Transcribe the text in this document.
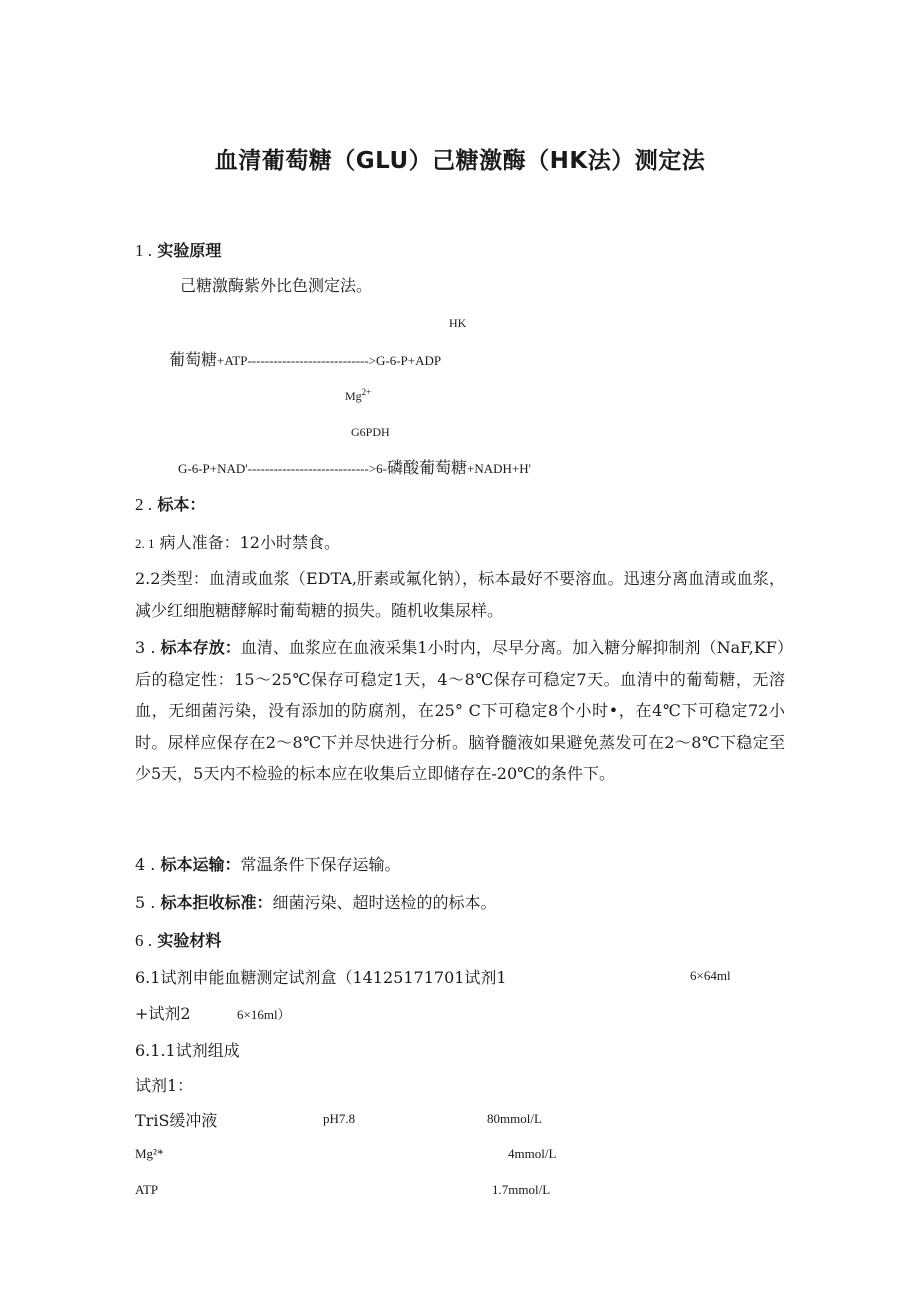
血清葡萄糖（GLU）己糖激酶（HK法）测定法
1 . 实验原理
己糖激酶紫外比色测定法。
HK
葡萄糖+ATP---------------------------->G-6-P+ADP
$Mg^{2+}$
G6PDH
G-6-P+NAD'---------------------------->6-磷酸葡萄糖+NADH+H'
2 . 标本：
2. 1 病人准备：12小时禁食。
2.2类型：血清或血浆（EDTA,肝素或氟化钠），标本最好不要溶血。迅速分离血清或血浆，减少红细胞糖酵解时葡萄糖的损失。随机收集尿样。
3 . 标本存放：血清、血浆应在血液采集1小时内，尽早分离。加入糖分解抑制剂（NaF,KF）后的稳定性：15～25℃保存可稳定1天，4～8℃保存可稳定7天。血清中的葡萄糖，无溶血，无细菌污染，没有添加的防腐剂，在25° C下可稳定8个小时•，在4℃下可稳定72小时。尿样应保存在2～8℃下并尽快进行分析。脑脊髓液如果避免蒸发可在2～8℃下稳定至少5天，5天内不检验的标本应在收集后立即储存在-20℃的条件下。
4 . 标本运输：常温条件下保存运输。
5 . 标本拒收标准：细菌污染、超时送检的的标本。
6 . 实验材料
6.1试剂申能血糖测定试剂盒（14125171701试剂1	6×64ml
+试剂2	6×16ml）
6.1.1试剂组成
试剂1：
TriS缓冲液	pH7.8	80mmol/L
Mg²*	4mmol/L
ATP	1.7mmol/L
